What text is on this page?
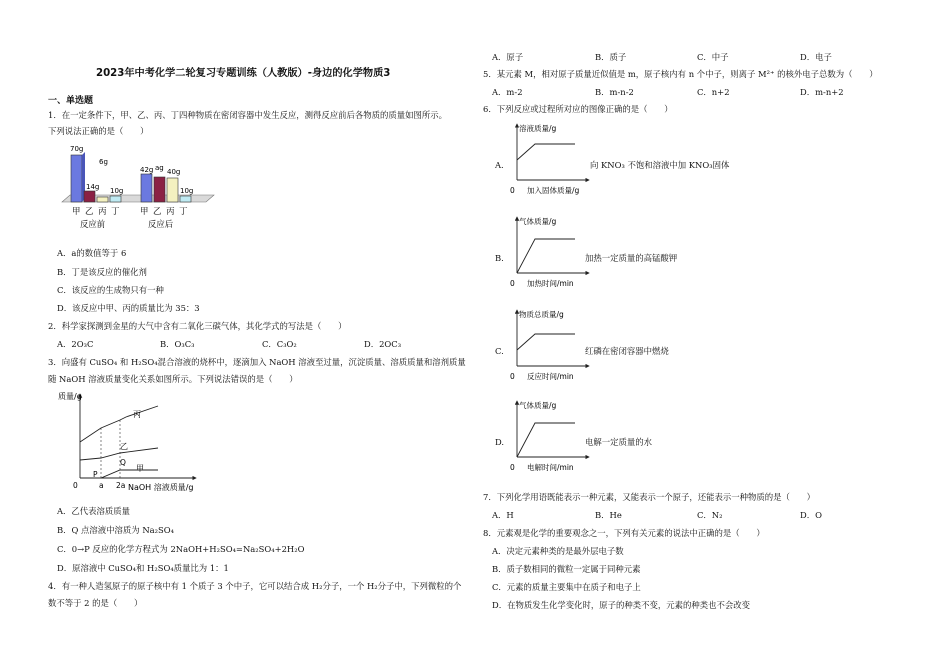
2023年中考化学二轮复习专题训练（人教版）-身边的化学物质3
一、单选题
1．在一定条件下，甲、乙、丙、丁四种物质在密闭容器中发生反应，测得反应前后各物质的质量如图所示。
下列说法正确的是（　　）
70g
14g
6g
10g
42g ag 40g
10g
甲 乙 丙 丁 甲 乙 丙 丁
反应前	反应后
A．a的数值等于 6
B．丁是该反应的催化剂
C．该反应的生成物只有一种
D．该反应中甲、丙的质量比为 35：3
2．科学家探测到金星的大气中含有二氧化三碳气体，其化学式的写法是（　　）
A．2O₃C	B．O₃C₃	C．C₃O₂	D．2OC₃
3．向盛有 CuSO₄ 和 H₂SO₄混合溶液的烧杯中，逐滴加入 NaOH 溶液至过量，沉淀质量、溶质质量和溶剂质量
随 NaOH 溶液质量变化关系如图所示。下列说法错误的是（　　）
质量/g
NaOH 溶液质量/g
0	a 2a
丙
乙
甲
P
Q
A．乙代表溶质质量
B．Q 点溶液中溶质为 Na₂SO₄
C．0→P 反应的化学方程式为 2NaOH+H₂SO₄=Na₂SO₄+2H₂O
D．原溶液中 CuSO₄和 H₂SO₄质量比为 1：1
4．有一种人造氢原子的原子核中有 1 个质子 3 个中子，它可以结合成 H₂分子，一个 H₂分子中，下列微粒的个
数不等于 2 的是（　　）
A．原子	B．质子	C．中子	D．电子
5．某元素 M，相对原子质量近似值是 m，原子核内有 n 个中子，则离子 M²⁺ 的核外电子总数为（　　）
A．m-2	B．m-n-2	C．n+2	D．m-n+2
6．下列反应或过程所对应的图像正确的是（　　）
A.
溶液质量/g
0 加入固体质量/g
向 KNO₃ 不饱和溶液中加 KNO₃固体
B.
气体质量/g
0 加热时间/min
加热一定质量的高锰酸钾
C.
物质总质量/g
0 反应时间/min
红磷在密闭容器中燃烧
D.
气体质量/g
0 电解时间/min
电解一定质量的水
7．下列化学用语既能表示一种元素，又能表示一个原子，还能表示一种物质的是（　　）
A．H	B．He	C．N₂	D．O
8．元素观是化学的重要观念之一，下列有关元素的说法中正确的是（　　）
A．决定元素种类的是最外层电子数
B．质子数相同的微粒一定属于同种元素
C．元素的质量主要集中在质子和电子上
D．在物质发生化学变化时，原子的种类不变，元素的种类也不会改变
